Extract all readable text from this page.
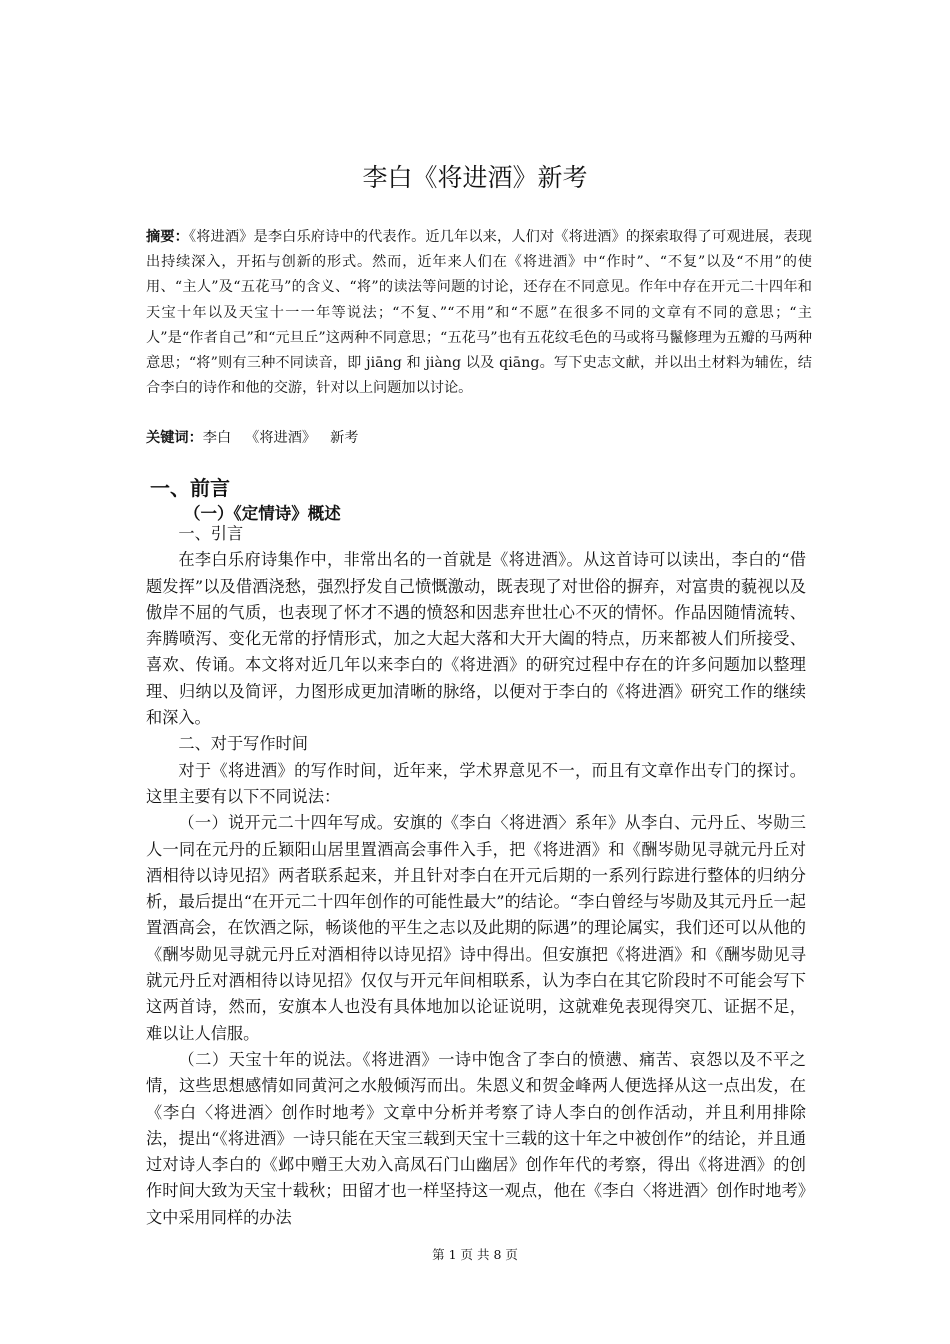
李白《将进酒》新考
摘要：《将进酒》是李白乐府诗中的代表作。近几年以来，人们对《将进酒》的探索取得了可观进展，表现出持续深入，开拓与创新的形式。然而，近年来人们在《将进酒》中“作时”、“不复”以及“不用”的使用、“主人”及“五花马”的含义、“将”的读法等问题的讨论，还存在不同意见。作年中存在开元二十四年和天宝十年以及天宝十一一年等说法；“不复、”“不用”和“不愿”在很多不同的文章有不同的意思；“主人”是“作者自己”和“元旦丘”这两种不同意思；“五花马”也有五花纹毛色的马或将马鬣修理为五瓣的马两种意思；“将”则有三种不同读音，即 jiāng 和 jiàng 以及 qiāng。写下史志文献，并以出土材料为辅佐，结合李白的诗作和他的交游，针对以上问题加以讨论。
关键词：李白 《将进酒》 新考
一、前言
（一）《定情诗》概述

一、引言

在李白乐府诗集作中，非常出名的一首就是《将进酒》。从这首诗可以读出，李白的“借题发挥”以及借酒浇愁，强烈抒发自己愤慨激动，既表现了对世俗的摒弃，对富贵的藐视以及傲岸不屈的气质，也表现了怀才不遇的愤怒和因悲弃世壮心不灭的情怀。作品因随情流转、奔腾喷泻、变化无常的抒情形式，加之大起大落和大开大阖的特点，历来都被人们所接受、喜欢、传诵。本文将对近几年以来李白的《将进酒》的研究过程中存在的许多问题加以整理理、归纳以及简评，力图形成更加清晰的脉络，以便对于李白的《将进酒》研究工作的继续和深入。

二、对于写作时间

对于《将进酒》的写作时间，近年来，学术界意见不一，而且有文章作出专门的探讨。这里主要有以下不同说法：

（一）说开元二十四年写成。安旗的《李白〈将进酒〉系年》从李白、元丹丘、岑勋三人一同在元丹的丘颖阳山居里置酒高会事件入手，把《将进酒》和《酬岑勋见寻就元丹丘对酒相待以诗见招》两者联系起来，并且针对李白在开元后期的一系列行踪进行整体的归纳分析，最后提出“在开元二十四年创作的可能性最大”的结论。“李白曾经与岑勋及其元丹丘一起置酒高会，在饮酒之际，畅谈他的平生之志以及此期的际遇”的理论属实，我们还可以从他的《酬岑勋见寻就元丹丘对酒相待以诗见招》诗中得出。但安旗把《将进酒》和《酬岑勋见寻就元丹丘对酒相待以诗见招》仅仅与开元年间相联系，认为李白在其它阶段时不可能会写下这两首诗，然而，安旗本人也没有具体地加以论证说明，这就难免表现得突兀、证据不足，难以让人信服。

（二）天宝十年的说法。《将进酒》一诗中饱含了李白的愤懑、痛苦、哀怨以及不平之情，这些思想感情如同黄河之水般倾泻而出。朱恩义和贺金峰两人便选择从这一点出发，在《李白〈将进酒〉创作时地考》文章中分析并考察了诗人李白的创作活动，并且利用排除法，提出“《将进酒》一诗只能在天宝三载到天宝十三载的这十年之中被创作”的结论，并且通过对诗人李白的《邺中赠王大劝入高凤石门山幽居》创作年代的考察，得出《将进酒》的创作时间大致为天宝十载秋；田留才也一样坚持这一观点，他在《李白〈将进酒〉创作时地考》文中采用同样的办法

第 1 页 共 8 页
